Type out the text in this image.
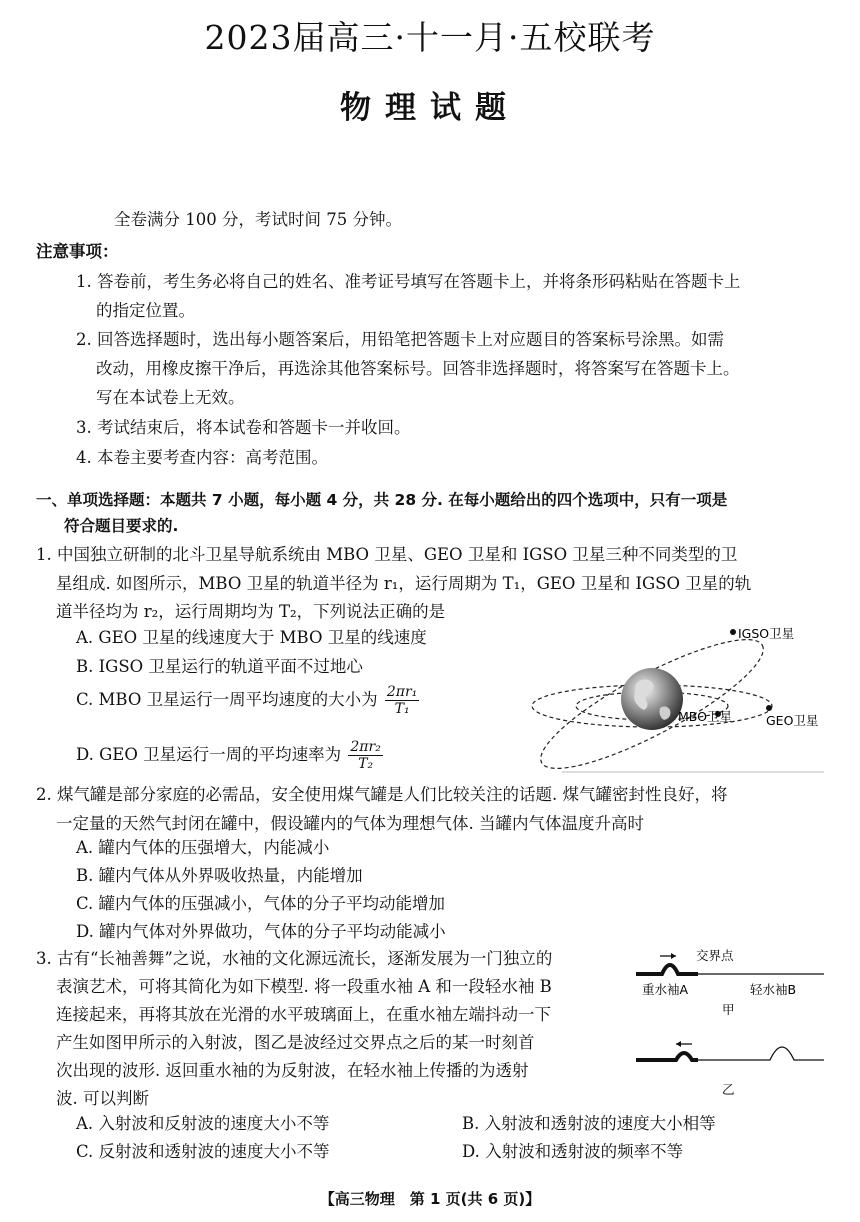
2023届高三·十一月·五校联考
物理试题
全卷满分 100 分，考试时间 75 分钟。
注意事项：
1. 答卷前，考生务必将自己的姓名、准考证号填写在答题卡上，并将条形码粘贴在答题卡上
的指定位置。
2. 回答选择题时，选出每小题答案后，用铅笔把答题卡上对应题目的答案标号涂黑。如需
改动，用橡皮擦干净后，再选涂其他答案标号。回答非选择题时，将答案写在答题卡上。
写在本试卷上无效。
3. 考试结束后，将本试卷和答题卡一并收回。
4. 本卷主要考查内容：高考范围。
一、单项选择题：本题共 7 小题，每小题 4 分，共 28 分. 在每小题给出的四个选项中，只有一项是
符合题目要求的.
1. 中国独立研制的北斗卫星导航系统由 MBO 卫星、GEO 卫星和 IGSO 卫星三种不同类型的卫
星组成. 如图所示，MBO 卫星的轨道半径为 r₁，运行周期为 T₁，GEO 卫星和 IGSO 卫星的轨
道半径均为 r₂，运行周期均为 T₂，下列说法正确的是
A. GEO 卫星的线速度大于 MBO 卫星的线速度
B. IGSO 卫星运行的轨道平面不过地心
C. MBO 卫星运行一周平均速度的大小为 $\frac{\text{2πr₁}}{\text{T₁}}$
D. GEO 卫星运行一周的平均速率为 $\frac{\text{2πr₂}}{\text{T₂}}$
IGSO卫星
MBO卫星	GEO卫星
2. 煤气罐是部分家庭的必需品，安全使用煤气罐是人们比较关注的话题. 煤气罐密封性良好，将
一定量的天然气封闭在罐中，假设罐内的气体为理想气体. 当罐内气体温度升高时
A. 罐内气体的压强增大，内能减小
B. 罐内气体从外界吸收热量，内能增加
C. 罐内气体的压强减小，气体的分子平均动能增加
D. 罐内气体对外界做功，气体的分子平均动能减小
3. 古有“长袖善舞”之说，水袖的文化源远流长，逐渐发展为一门独立的
表演艺术，可将其简化为如下模型. 将一段重水袖 A 和一段轻水袖 B
连接起来，再将其放在光滑的水平玻璃面上，在重水袖左端抖动一下
产生如图甲所示的入射波，图乙是波经过交界点之后的某一时刻首
次出现的波形. 返回重水袖的为反射波，在轻水袖上传播的为透射
波. 可以判断
交界点
重水袖A	轻水袖B
甲
乙
A. 入射波和反射波的速度大小不等	B. 入射波和透射波的速度大小相等
C. 反射波和透射波的速度大小不等	D. 入射波和透射波的频率不等
【高三物理　第 1 页(共 6 页)】
